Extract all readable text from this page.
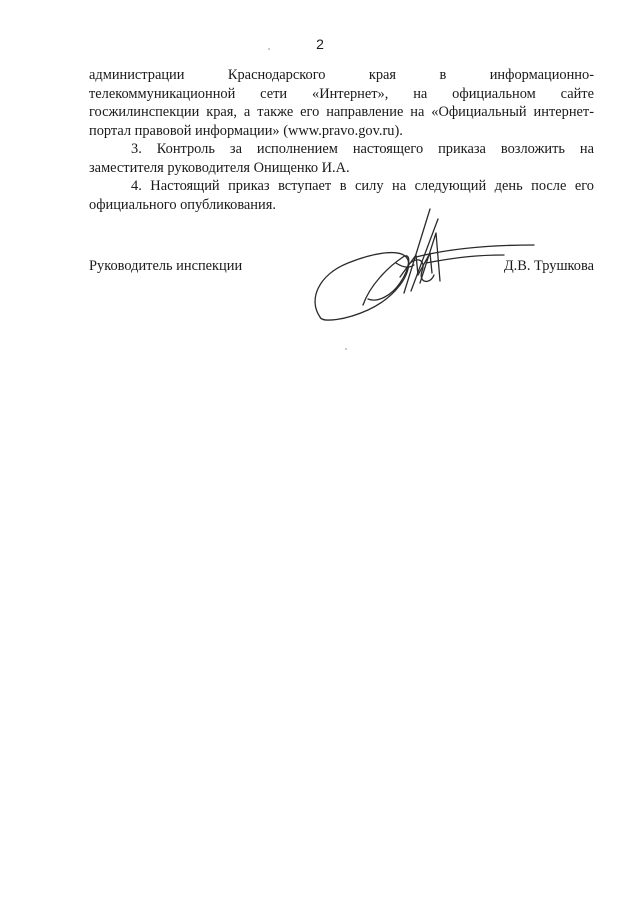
2

администрации Краснодарского края в информационно-
телекоммуникационной сети «Интернет», на официальном сайте
госжилинспекции края, а также его направление на «Официальный интернет-
портал правовой информации» (www.pravo.gov.ru).

3. Контроль за исполнением настоящего приказа возложить на
заместителя руководителя Онищенко И.А.

4. Настоящий приказ вступает в силу на следующий день после его
официального опубликования.

Руководитель инспекции	Д.В. Трушкова
